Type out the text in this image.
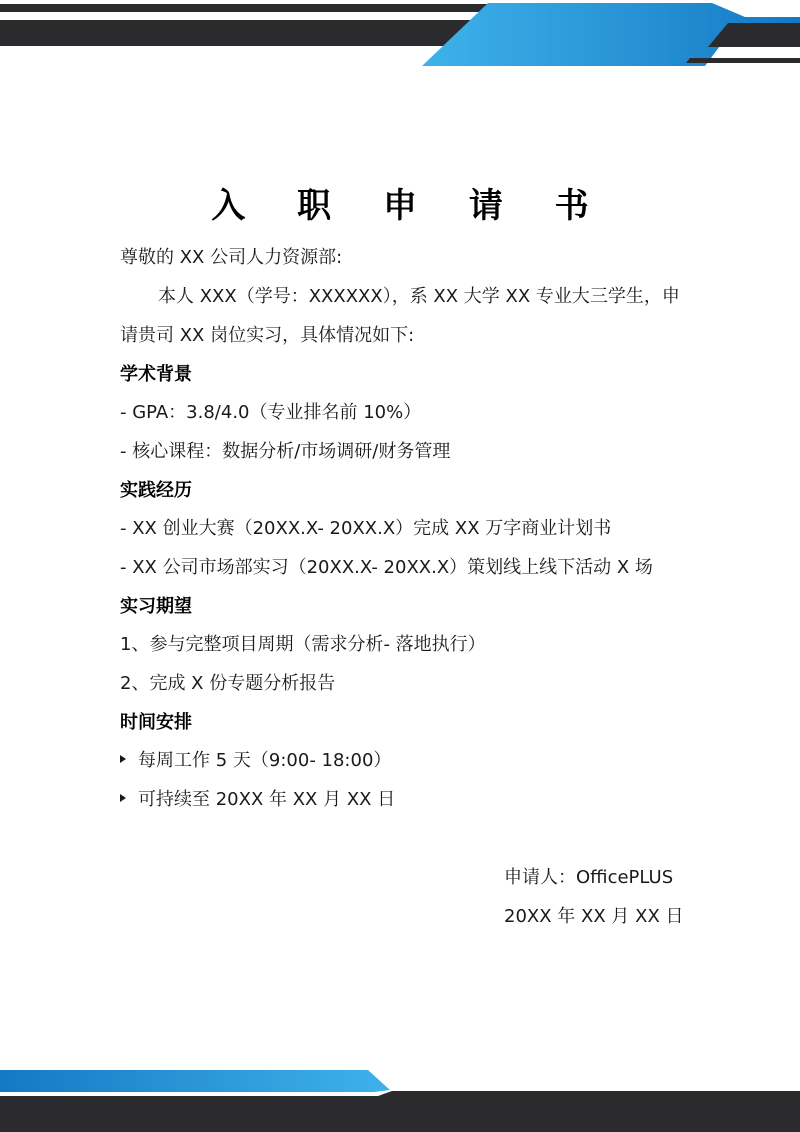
入 职 申 请 书
尊敬的 XX 公司人力资源部:
本人 XXX（学号：XXXXXX），系 XX 大学 XX 专业大三学生，申
请贵司 XX 岗位实习，具体情况如下:
学术背景
- GPA：3.8/4.0（专业排名前 10%）
- 核心课程：数据分析/市场调研/财务管理
实践经历
- XX 创业大赛（20XX.X- 20XX.X）完成 XX 万字商业计划书
- XX 公司市场部实习（20XX.X- 20XX.X）策划线上线下活动 X 场
实习期望
1、参与完整项目周期（需求分析- 落地执行）
2、完成 X 份专题分析报告
时间安排
每周工作 5 天（9:00- 18:00）
可持续至 20XX 年 XX 月 XX 日
申请人：OfficePLUS
20XX 年 XX 月 XX 日
